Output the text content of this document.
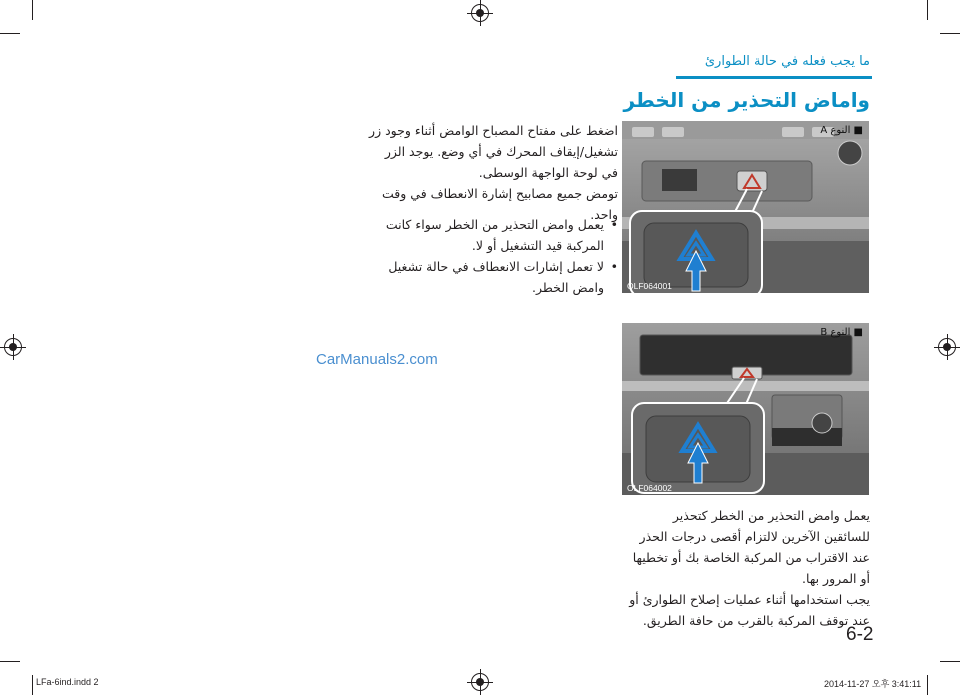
ما يجب فعله في حالة الطوارئ
واماض التحذير من الخطر
اضغط على مفتاح المصباح الوامض أثناء وجود زر تشغيل/إيقاف المحرك في أي وضع. يوجد الزر في لوحة الواجهة الوسطى.
تومض جميع مصابيح إشارة الانعطاف في وقت واحد.
• يعمل وامض التحذير من الخطر سواء كانت المركبة قيد التشغيل أو لا.
• لا تعمل إشارات الانعطاف في حالة تشغيل وامض الخطر.
■ النوع A
OLF064001
■ النوع B
OLF064002
يعمل وامض التحذير من الخطر كتحذير للسائقين الآخرين لالتزام أقصى درجات الحذر عند الاقتراب من المركبة الخاصة بك أو تخطيها أو المرور بها.
يجب استخدامها أثناء عمليات إصلاح الطوارئ أو عند توقف المركبة بالقرب من حافة الطريق.
6-2
CarManuals2.com
LFa-6ind.indd 2	2014-11-27 오후 3:41:11
